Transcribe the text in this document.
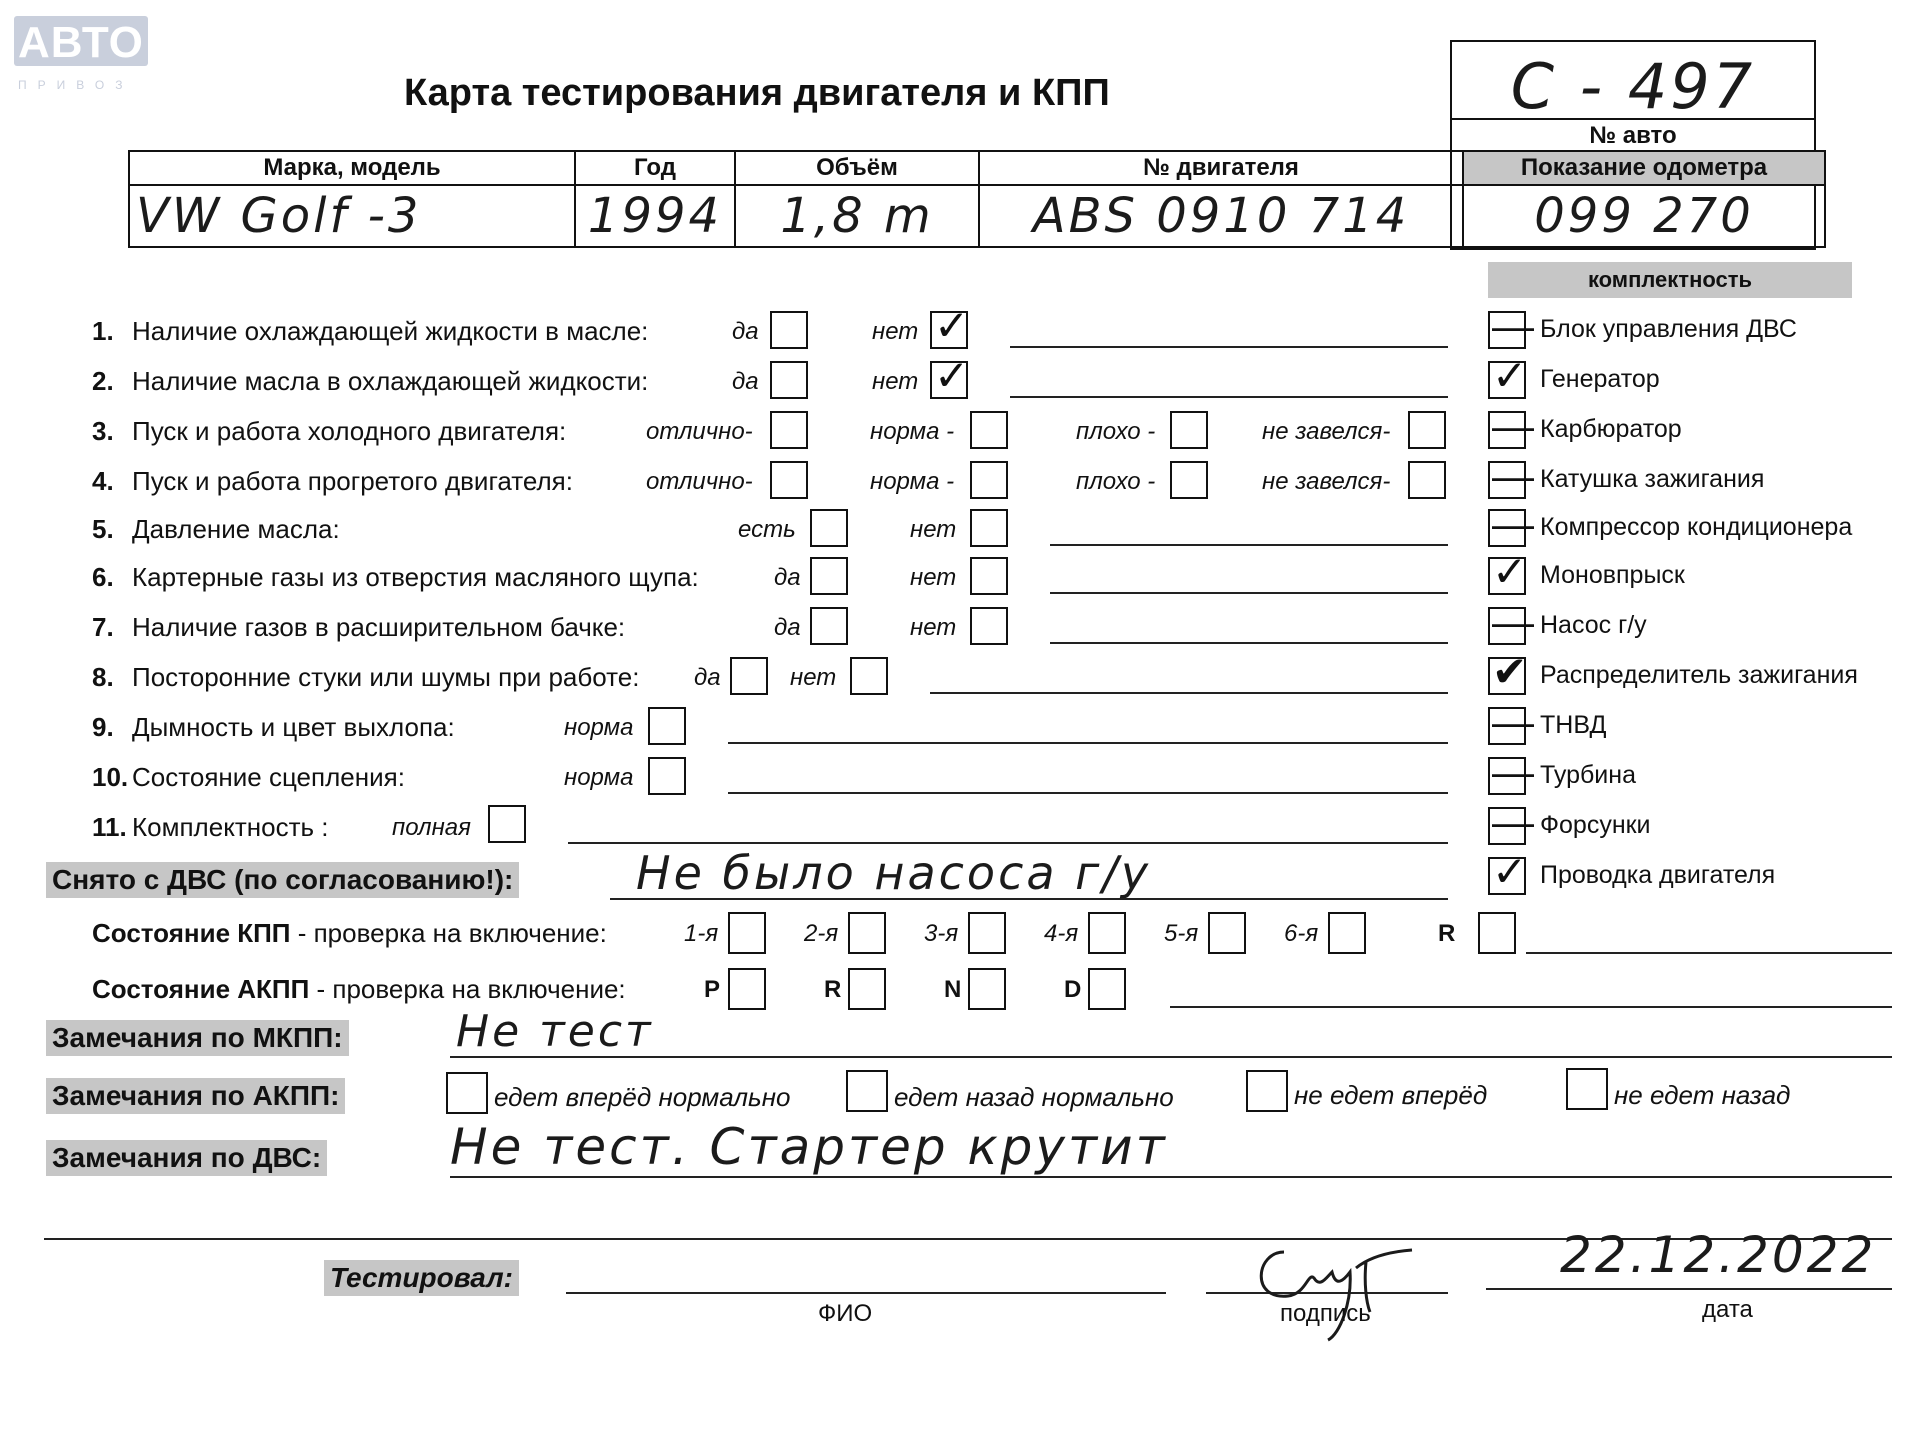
АВТО
ПРИВОЗ	Карта тестирования двигателя и КПП	С - 497
№ авто
Марка, модель	Год	Объём	№ двигателя	Показание одометра
VW Golf -3	1994	1,8 m	ABS 0910 714	099 270
1. Наличие охлаждающей жидкости в масле:	да	нет ✓
2. Наличие масла в охлаждающей жидкости:	да	нет ✓
3. Пуск и работа холодного двигателя:	отлично-	норма -	плохо -	не завелся-
4. Пуск и работа прогретого двигателя:	отлично-	норма -	плохо -	не завелся-
5. Давление масла:	есть	нет
6. Картерные газы из отверстия масляного щупа:	да	нет
7. Наличие газов в расширительном бачке:	да	нет
8. Посторонние стуки или шумы при работе: да	нет
9. Дымность и цвет выхлопа:	норма
10. Состояние сцепления:	норма
11. Комплектность :	полная
Снято с ДВС (по согласованию!):	Не было насоса г/у
комплектность
— Блок управления ДВС
✓ Генератор
— Карбюратор
— Катушка зажигания
— Компрессор кондиционера
✓ Моновпрыск
— Насос г/у
✔ Распределитель зажигания
— ТНВД
— Турбина
— Форсунки
✓ Проводка двигателя
Состояние КПП - проверка на включение:	1-я	2-я	3-я	4-я	5-я	6-я	R
Состояние АКПП - проверка на включение:	P	R	N	D
Замечания по МКПП:	Не тест
Замечания по АКПП:	едет вперёд нормально	едет назад нормально	не едет вперёд	не едет назад
Замечания по ДВС:	Не тест. Стартер крутит
Тестировал:
ФИО	подпись
22.12.2022
дата
